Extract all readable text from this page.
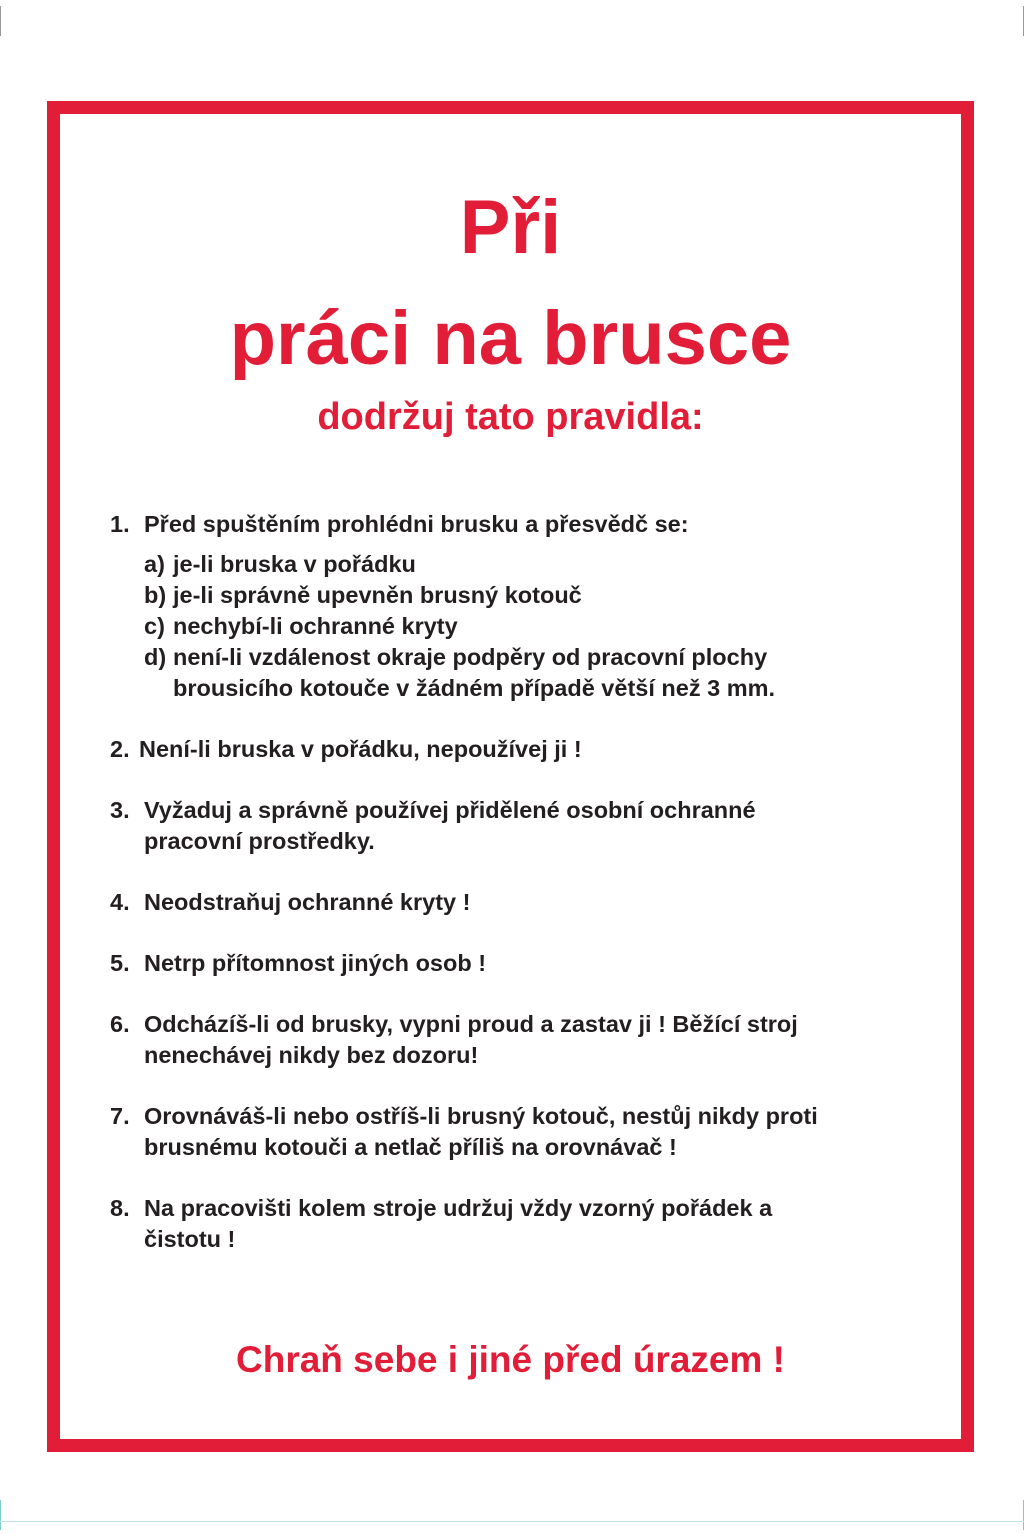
Při
práci na brusce
dodržuj tato pravidla:
1. Před spuštěním prohlédni brusku a přesvědč se:
a) je-li bruska v pořádku
b) je-li správně upevněn brusný kotouč
c) nechybí-li ochranné kryty
d) není-li vzdálenost okraje podpěry od pracovní plochy brousicího kotouče v žádném případě větší než 3 mm.
2. Není-li bruska v pořádku, nepoužívej ji !
3. Vyžaduj a správně používej přidělené osobní ochranné pracovní prostředky.
4. Neodstraňuj ochranné kryty !
5. Netrp přítomnost jiných osob !
6. Odcházíš-li od brusky, vypni proud a zastav ji ! Běžící stroj nenechávej nikdy bez dozoru!
7. Orovnáváš-li nebo ostříš-li brusný kotouč, nestůj nikdy proti brusnému kotouči a netlač příliš na orovnávač !
8. Na pracovišti kolem stroje udržuj vždy vzorný pořádek a čistotu !
Chraň sebe i jiné před úrazem !
